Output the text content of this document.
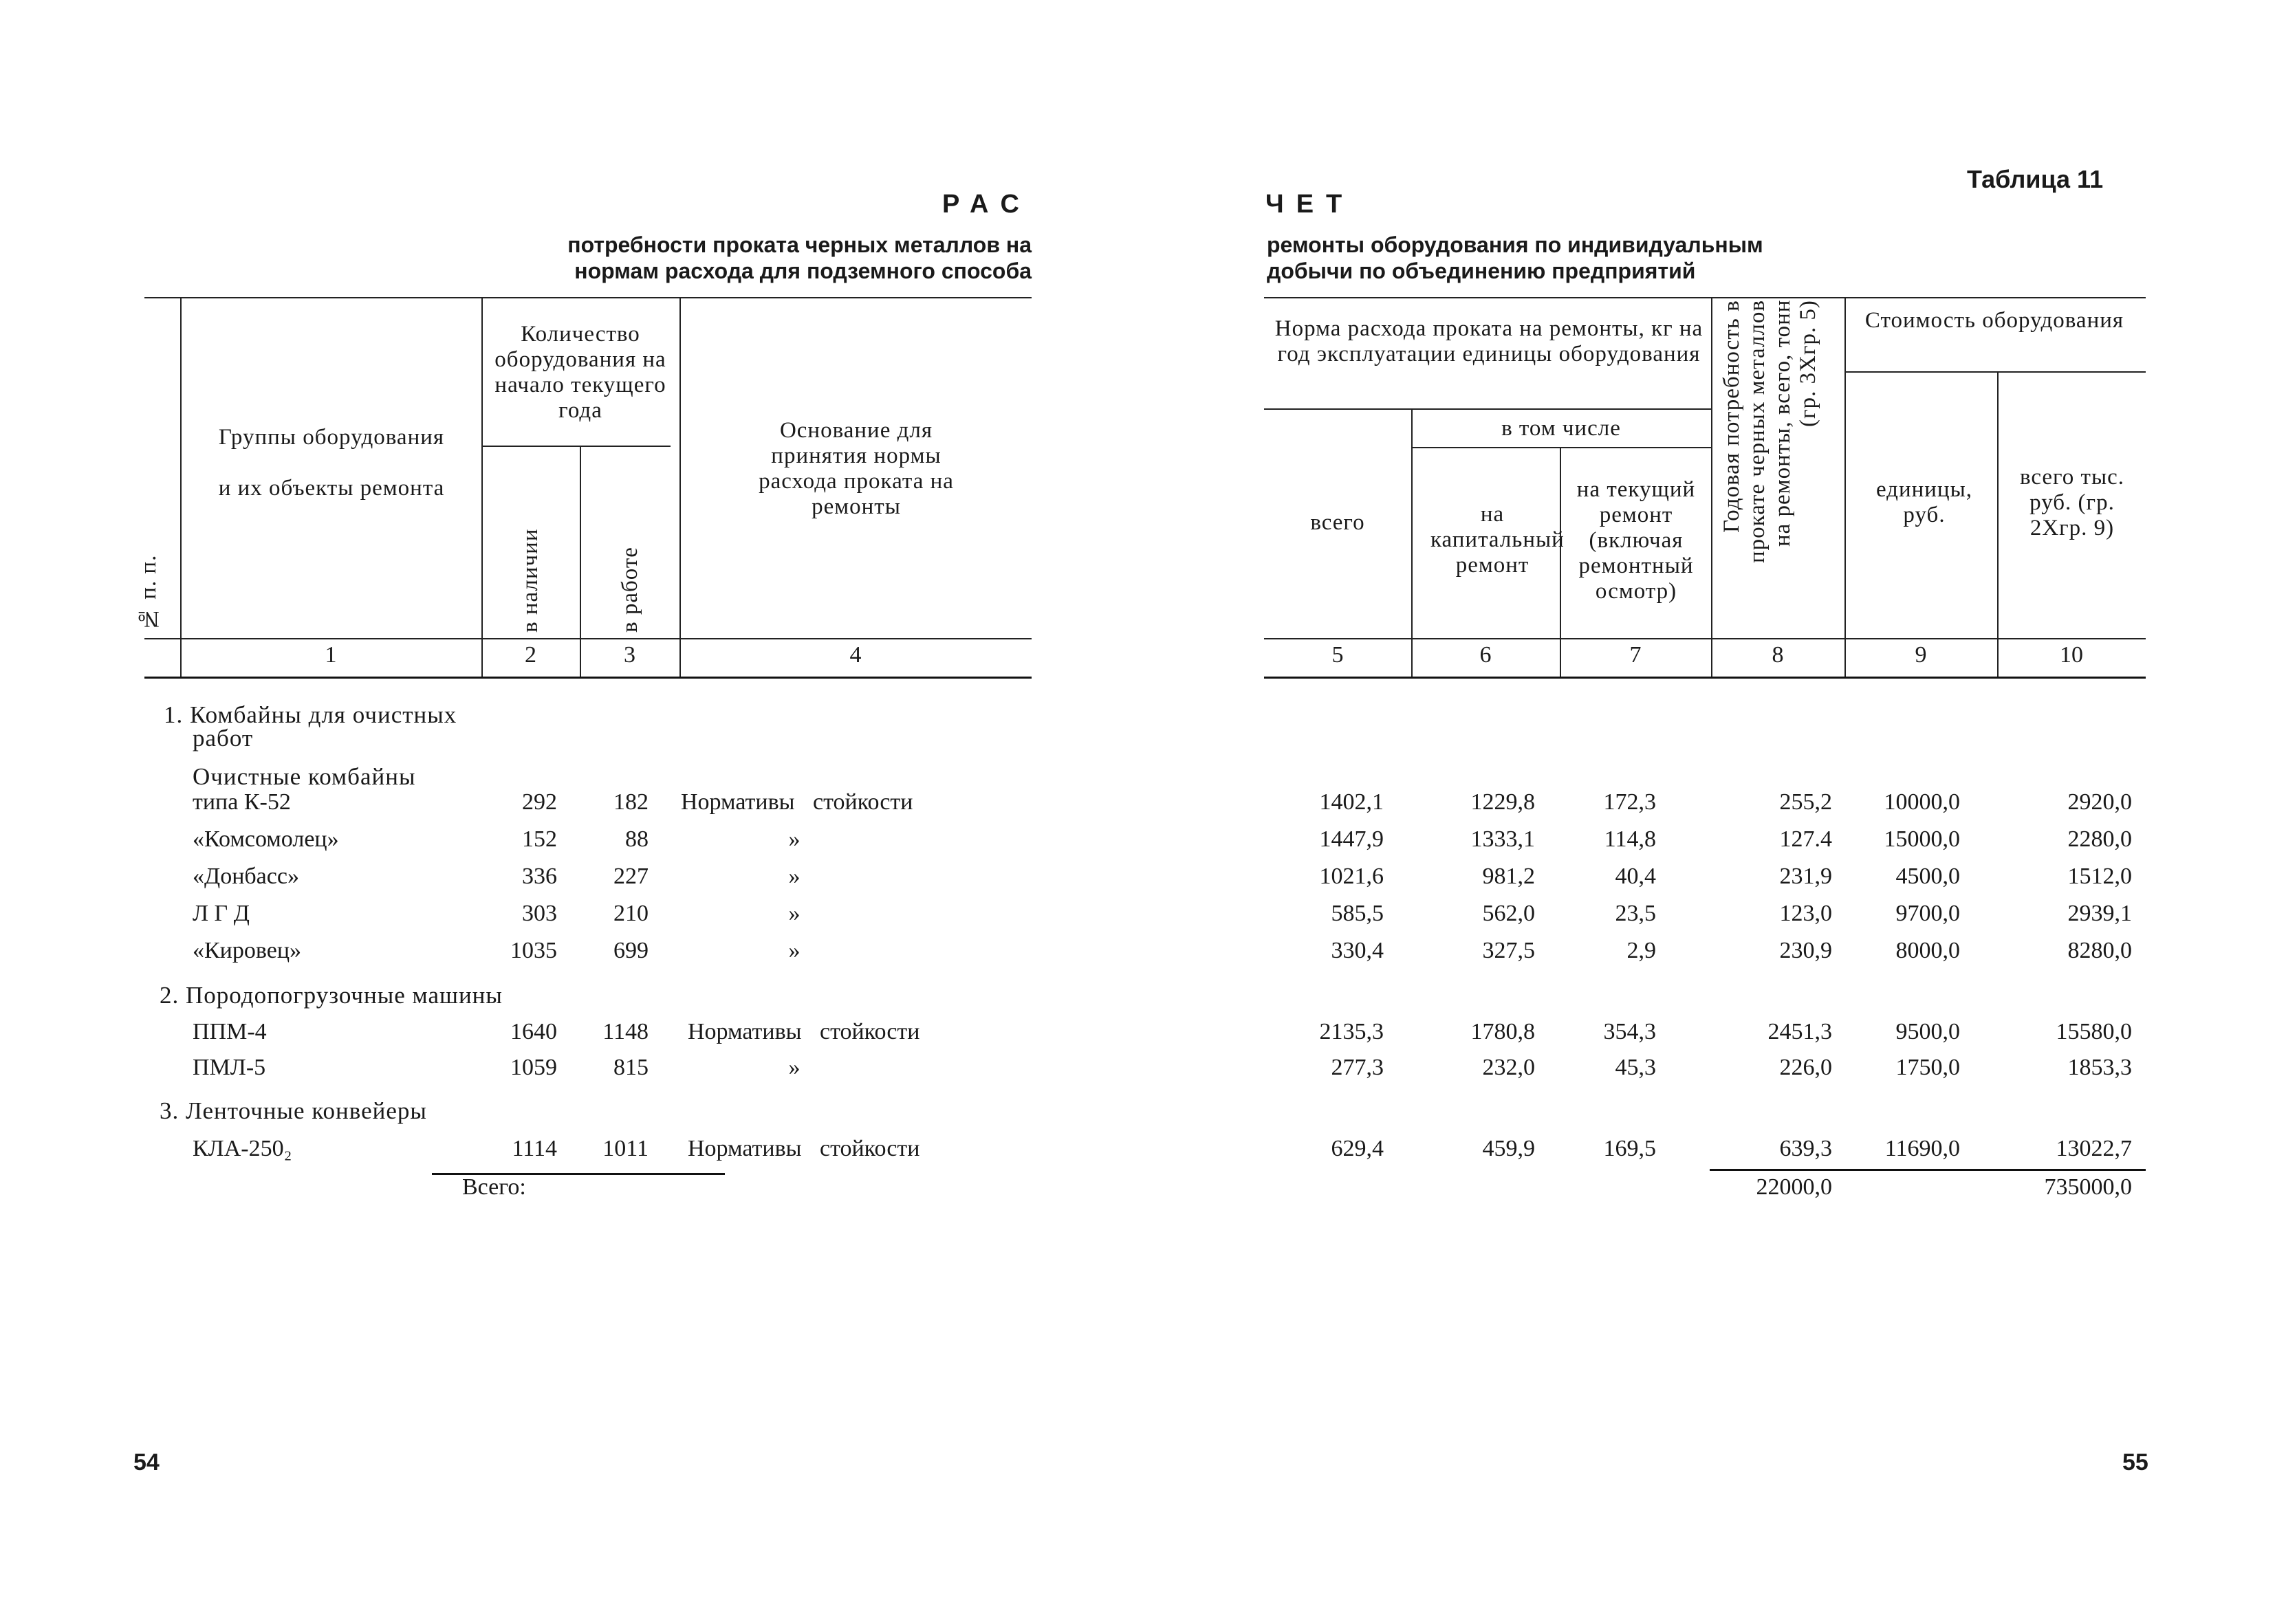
Таблица 11
РАС	ЧЕТ
потребности проката черных металлов на
нормам расхода для подземного способа
ремонты оборудования по индивидуальным
добычи по объединению предприятий
№ п. п.
Группы оборудования
и их объекты ремонта
Количество оборудования на начало текущего года
в наличии	в работе
Основание для принятия нормы расхода проката на ремонты
Норма расхода проката на ремонты, кг на год эксплуатации единицы оборудования
всего
в том числе
на капитальный ремонт
на текущий ремонт (включая ремонтный осмотр)
Годовая потребность в прокате черных металлов на ремонты, всего, тонн (гр. 3Xгр. 5)	Стоимость оборудования
единицы, руб.
всего тыс. руб. (гр. 2Xгр. 9)
1	2	3	4	5	6	7	8	9	10
1. Комбайны для очистных
работ
Очистные комбайны
2. Породопогрузочные машины
3. Ленточные конвейеры
типа К-52	292	182 Нормативы стойкости	1402,1	1229,8	172,3	255,2	10000,0	2920,0
«Комсомолец»	152	88	»	1447,9	1333,1	114,8	127.4	15000,0	2280,0
«Донбасс»	336	227	»	1021,6	981,2	40,4	231,9	4500,0	1512,0
Л Г Д	303	210	»	585,5	562,0	23,5	123,0	9700,0	2939,1
«Кировец»	1035	699	»	330,4	327,5	2,9	230,9	8000,0	8280,0
ППМ-4	1640	1148 Нормативы стойкости	2135,3	1780,8	354,3	2451,3	9500,0	15580,0
ПМЛ-5	1059	815	»	277,3	232,0	45,3	226,0	1750,0	1853,3
КЛА-250₂	1114	1011 Нормативы стойкости	629,4	459,9	169,5	639,3	11690,0	13022,7
Всего:	22000,0	735000,0
54	55
